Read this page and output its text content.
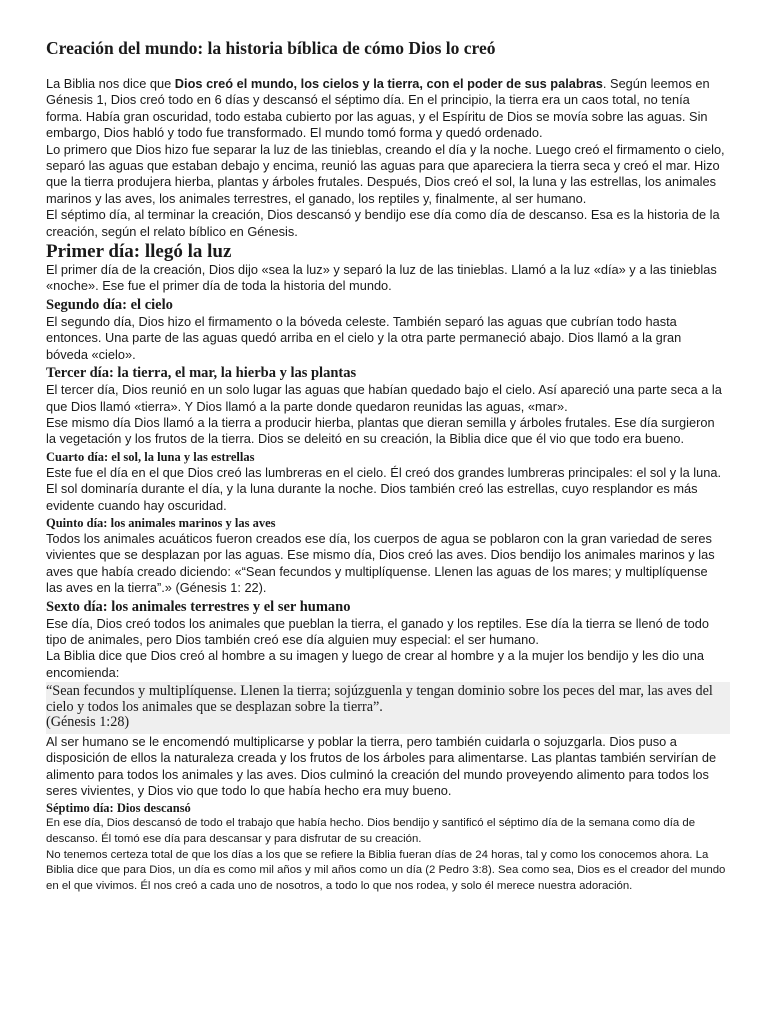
Creación del mundo: la historia bíblica de cómo Dios lo creó

La Biblia nos dice que Dios creó el mundo, los cielos y la tierra, con el poder de sus palabras. Según leemos en Génesis 1, Dios creó todo en 6 días y descansó el séptimo día. En el principio, la tierra era un caos total, no tenía forma. Había gran oscuridad, todo estaba cubierto por las aguas, y el Espíritu de Dios se movía sobre las aguas. Sin embargo, Dios habló y todo fue transformado. El mundo tomó forma y quedó ordenado.

Lo primero que Dios hizo fue separar la luz de las tinieblas, creando el día y la noche. Luego creó el firmamento o cielo, separó las aguas que estaban debajo y encima, reunió las aguas para que apareciera la tierra seca y creó el mar. Hizo que la tierra produjera hierba, plantas y árboles frutales. Después, Dios creó el sol, la luna y las estrellas, los animales marinos y las aves, los animales terrestres, el ganado, los reptiles y, finalmente, al ser humano.

El séptimo día, al terminar la creación, Dios descansó y bendijo ese día como día de descanso. Esa es la historia de la creación, según el relato bíblico en Génesis.

Primer día: llegó la luz

El primer día de la creación, Dios dijo «sea la luz» y separó la luz de las tinieblas. Llamó a la luz «día» y a las tinieblas «noche». Ese fue el primer día de toda la historia del mundo.

Segundo día: el cielo

El segundo día, Dios hizo el firmamento o la bóveda celeste. También separó las aguas que cubrían todo hasta entonces. Una parte de las aguas quedó arriba en el cielo y la otra parte permaneció abajo. Dios llamó a la gran bóveda «cielo».

Tercer día: la tierra, el mar, la hierba y las plantas

El tercer día, Dios reunió en un solo lugar las aguas que habían quedado bajo el cielo. Así apareció una parte seca a la que Dios llamó «tierra». Y Dios llamó a la parte donde quedaron reunidas las aguas, «mar».

Ese mismo día Dios llamó a la tierra a producir hierba, plantas que dieran semilla y árboles frutales. Ese día surgieron la vegetación y los frutos de la tierra. Dios se deleitó en su creación, la Biblia dice que él vio que todo era bueno.

Cuarto día: el sol, la luna y las estrellas

Este fue el día en el que Dios creó las lumbreras en el cielo. Él creó dos grandes lumbreras principales: el sol y la luna. El sol dominaría durante el día, y la luna durante la noche. Dios también creó las estrellas, cuyo resplandor es más evidente cuando hay oscuridad.

Quinto día: los animales marinos y las aves

Todos los animales acuáticos fueron creados ese día, los cuerpos de agua se poblaron con la gran variedad de seres vivientes que se desplazan por las aguas. Ese mismo día, Dios creó las aves. Dios bendijo los animales marinos y las aves que había creado diciendo: «“Sean fecundos y multiplíquense. Llenen las aguas de los mares; y multiplíquense las aves en la tierra”.» (Génesis 1: 22).

Sexto día: los animales terrestres y el ser humano

Ese día, Dios creó todos los animales que pueblan la tierra, el ganado y los reptiles. Ese día la tierra se llenó de todo tipo de animales, pero Dios también creó ese día alguien muy especial: el ser humano.

La Biblia dice que Dios creó al hombre a su imagen y luego de crear al hombre y a la mujer los bendijo y les dio una encomienda:

“Sean fecundos y multiplíquense. Llenen la tierra; sojúzguenla y tengan dominio sobre los peces del mar, las aves del cielo y todos los animales que se desplazan sobre la tierra”.
(Génesis 1:28)

Al ser humano se le encomendó multiplicarse y poblar la tierra, pero también cuidarla o sojuzgarla. Dios puso a disposición de ellos la naturaleza creada y los frutos de los árboles para alimentarse. Las plantas también servirían de alimento para todos los animales y las aves. Dios culminó la creación del mundo proveyendo alimento para todos los seres vivientes, y Dios vio que todo lo que había hecho era muy bueno.

Séptimo día: Dios descansó

En ese día, Dios descansó de todo el trabajo que había hecho. Dios bendijo y santificó el séptimo día de la semana como día de descanso. Él tomó ese día para descansar y para disfrutar de su creación.

No tenemos certeza total de que los días a los que se refiere la Biblia fueran días de 24 horas, tal y como los conocemos ahora. La Biblia dice que para Dios, un día es como mil años y mil años como un día (2 Pedro 3:8). Sea como sea, Dios es el creador del mundo en el que vivimos. Él nos creó a cada uno de nosotros, a todo lo que nos rodea, y solo él merece nuestra adoración.
